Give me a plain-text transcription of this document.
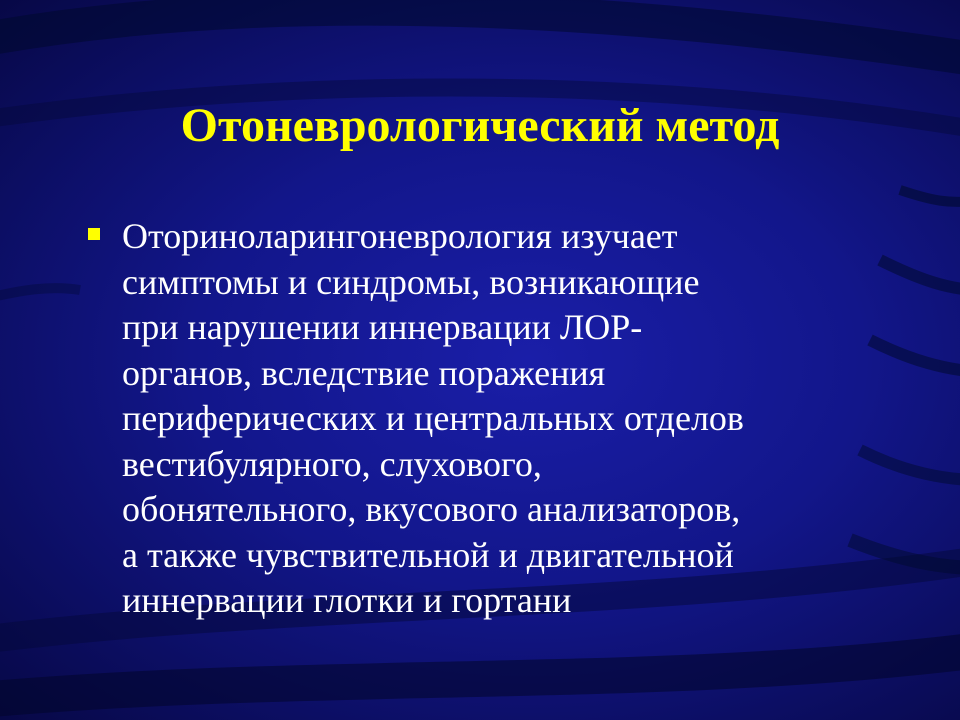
Отоневрологический метод
Оториноларингоневрология изучает
симптомы и синдромы, возникающие
при нарушении иннервации ЛОР-
органов, вследствие поражения
периферических и центральных отделов
вестибулярного, слухового,
обонятельного, вкусового анализаторов,
а также чувствительной и двигательной
иннервации глотки и гортани
